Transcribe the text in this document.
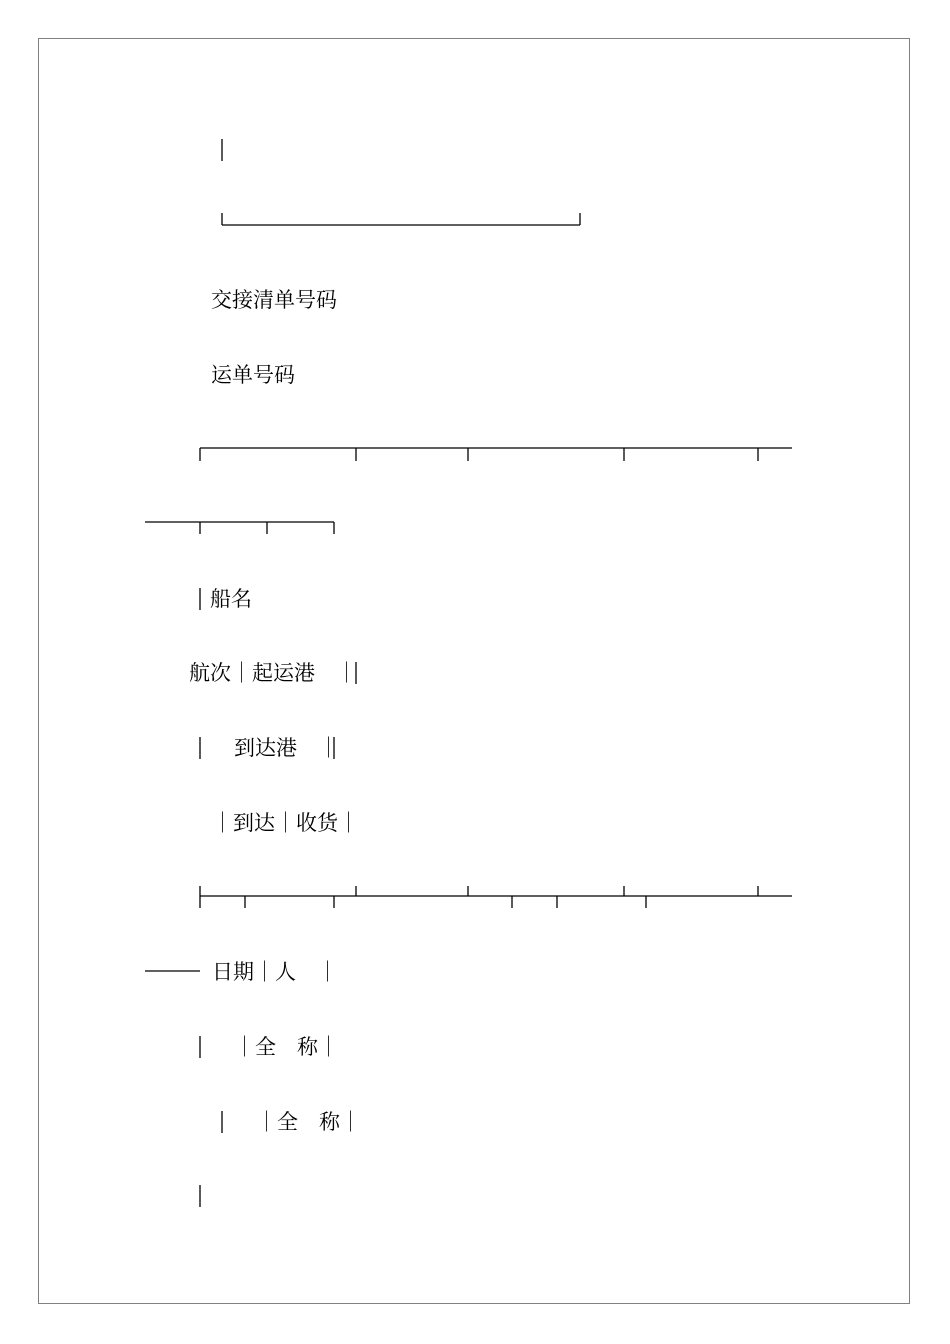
交接清单号码
运单号码
船名
航次｜起运港　｜
到达港　｜
｜到达｜收货｜
日期｜人　｜
｜全　称｜
｜全　称｜
